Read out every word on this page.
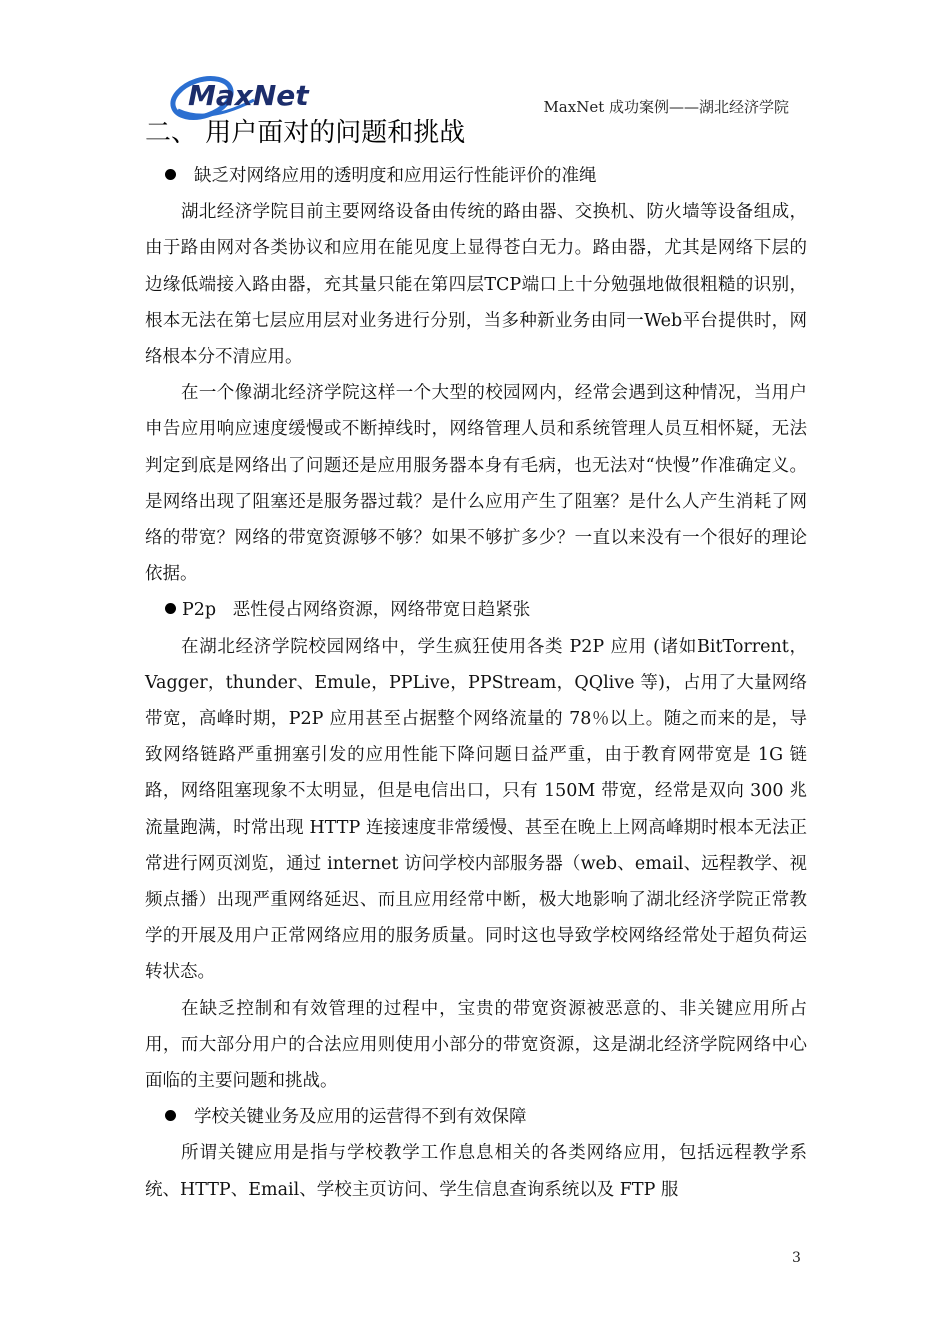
MaxNet	MaxNet 成功案例——湖北经济学院
二、 用户面对的问题和挑战

缺乏对网络应用的透明度和应用运行性能评价的准绳

湖北经济学院目前主要网络设备由传统的路由器、交换机、防火墙等设备组成，由于路由网对各类协议和应用在能见度上显得苍白无力。路由器，尤其是网络下层的边缘低端接入路由器，充其量只能在第四层TCP端口上十分勉强地做很粗糙的识别，根本无法在第七层应用层对业务进行分别，当多种新业务由同一Web平台提供时，网络根本分不清应用。

在一个像湖北经济学院这样一个大型的校园网内，经常会遇到这种情况，当用户申告应用响应速度缓慢或不断掉线时，网络管理人员和系统管理人员互相怀疑，无法判定到底是网络出了问题还是应用服务器本身有毛病，也无法对“快慢”作准确定义。是网络出现了阻塞还是服务器过载？是什么应用产生了阻塞？是什么人产生消耗了网络的带宽？网络的带宽资源够不够？如果不够扩多少？一直以来没有一个很好的理论依据。

P2p   恶性侵占网络资源，网络带宽日趋紧张

在湖北经济学院校园网络中，学生疯狂使用各类 P2P 应用 (诸如BitTorrent，Vagger，thunder、Emule，PPLive，PPStream，QQlive 等)，占用了大量网络带宽，高峰时期，P2P 应用甚至占据整个网络流量的 78％以上。随之而来的是，导致网络链路严重拥塞引发的应用性能下降问题日益严重，由于教育网带宽是 1G 链路，网络阻塞现象不太明显，但是电信出口，只有 150M 带宽，经常是双向 300 兆流量跑满，时常出现 HTTP 连接速度非常缓慢、甚至在晚上上网高峰期时根本无法正常进行网页浏览，通过 internet 访问学校内部服务器（web、email、远程教学、视频点播）出现严重网络延迟、而且应用经常中断，极大地影响了湖北经济学院正常教学的开展及用户正常网络应用的服务质量。同时这也导致学校网络经常处于超负荷运转状态。

在缺乏控制和有效管理的过程中，宝贵的带宽资源被恶意的、非关键应用所占用，而大部分用户的合法应用则使用小部分的带宽资源，这是湖北经济学院网络中心面临的主要问题和挑战。

学校关键业务及应用的运营得不到有效保障

所谓关键应用是指与学校教学工作息息相关的各类网络应用，包括远程教学系统、HTTP、Email、学校主页访问、学生信息查询系统以及 FTP 服

3
